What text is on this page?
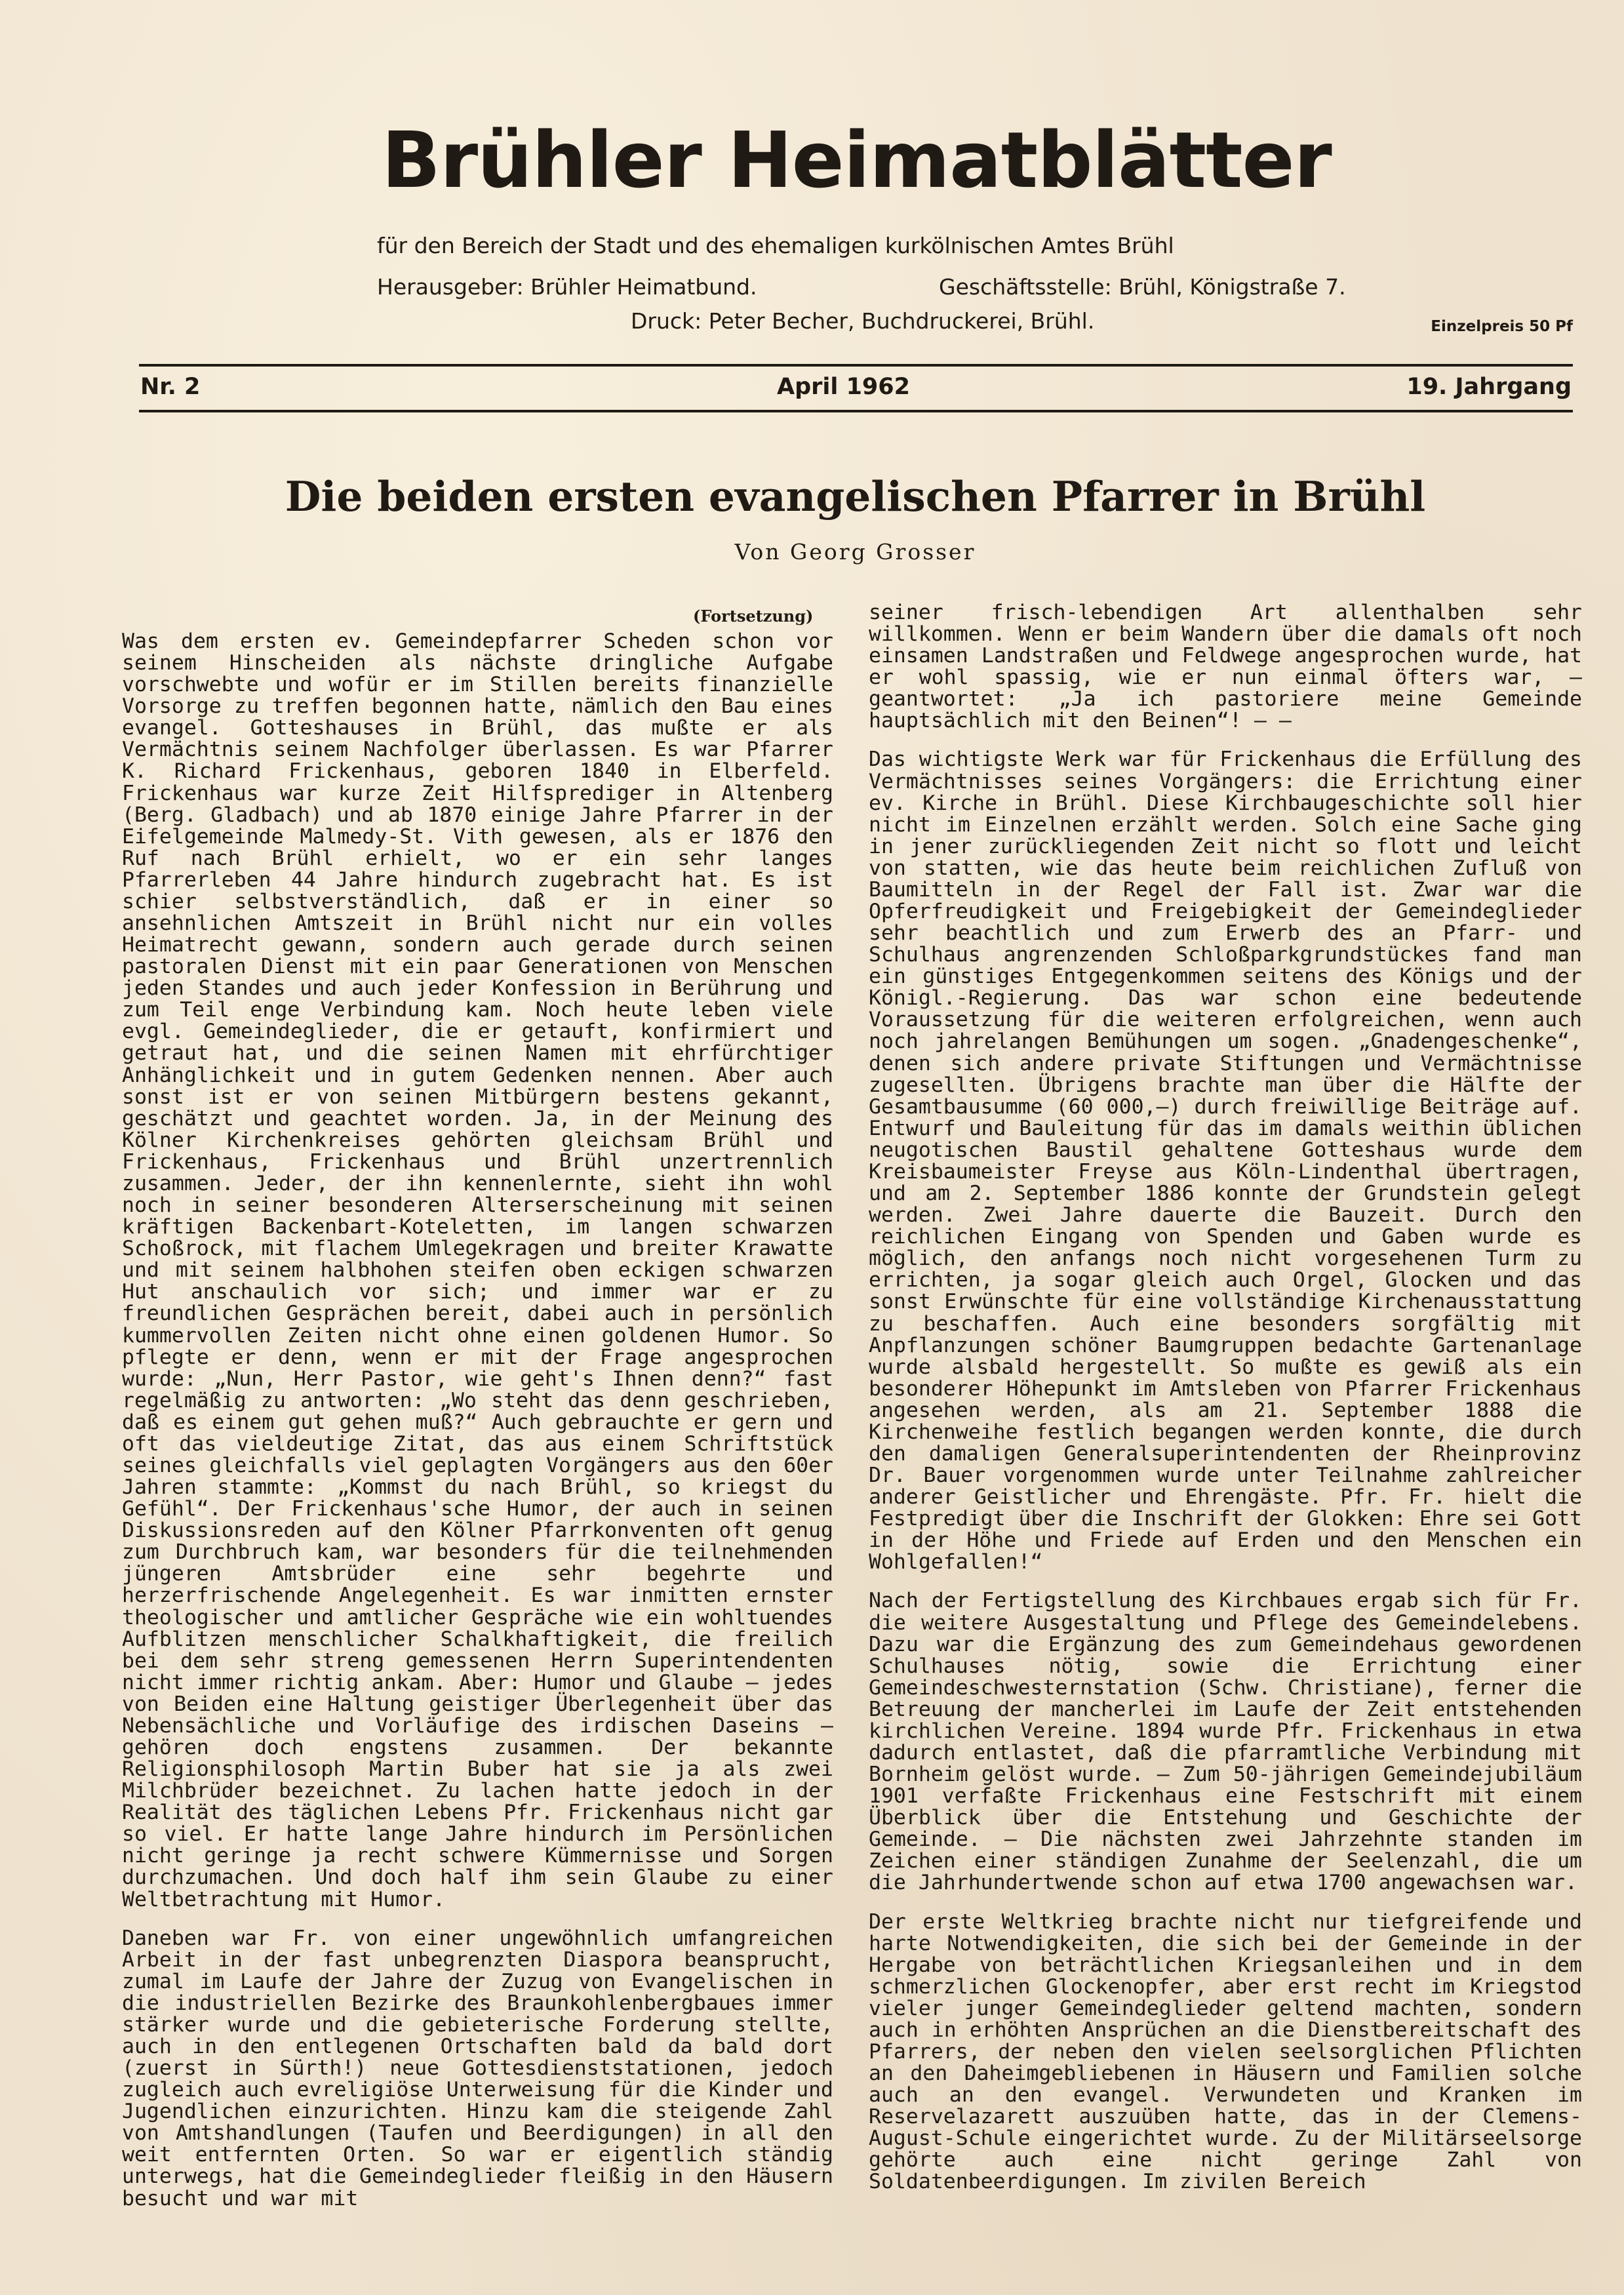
Brühler Heimatblätter
für den Bereich der Stadt und des ehemaligen kurkölnischen Amtes Brühl
Herausgeber: Brühler Heimatbund.	Geschäftsstelle: Brühl, Königstraße 7.
Druck: Peter Becher, Buchdruckerei, Brühl.	Einzelpreis 50 Pf
Nr. 2	April 1962	19. Jahrgang
Die beiden ersten evangelischen Pfarrer in Brühl
Von Georg Grosser
(Fortsetzung)

Was dem ersten ev. Gemeindepfarrer Scheden schon vor seinem Hinscheiden als nächste dringliche Aufgabe vorschwebte und wofür er im Stillen bereits finanzielle Vorsorge zu treffen begonnen hatte, nämlich den Bau eines evangel. Gotteshauses in Brühl, das mußte er als Vermächtnis seinem Nachfolger überlassen. Es war Pfarrer K. Richard Frickenhaus, geboren 1840 in Elberfeld. Frickenhaus war kurze Zeit Hilfsprediger in Altenberg (Berg. Gladbach) und ab 1870 einige Jahre Pfarrer in der Eifelgemeinde Malmedy-St. Vith gewesen, als er 1876 den Ruf nach Brühl erhielt, wo er ein sehr langes Pfarrerleben 44 Jahre hindurch zugebracht hat. Es ist schier selbstverständlich, daß er in einer so ansehnlichen Amtszeit in Brühl nicht nur ein volles Heimatrecht gewann, sondern auch gerade durch seinen pastoralen Dienst mit ein paar Generationen von Menschen jeden Standes und auch jeder Konfession in Berührung und zum Teil enge Verbindung kam. Noch heute leben viele evgl. Gemeindeglieder, die er getauft, konfirmiert und getraut hat, und die seinen Namen mit ehrfürchtiger Anhänglichkeit und in gutem Gedenken nennen. Aber auch sonst ist er von seinen Mitbürgern bestens gekannt, geschätzt und geachtet worden. Ja, in der Meinung des Kölner Kirchenkreises gehörten gleichsam Brühl und Frickenhaus, Frickenhaus und Brühl unzertrennlich zusammen. Jeder, der ihn kennenlernte, sieht ihn wohl noch in seiner besonderen Alterserscheinung mit seinen kräftigen Backenbart-Koteletten, im langen schwarzen Schoßrock, mit flachem Umlegekragen und breiter Krawatte und mit seinem halbhohen steifen oben eckigen schwarzen Hut anschaulich vor sich; und immer war er zu freundlichen Gesprächen bereit, dabei auch in persönlich kummervollen Zeiten nicht ohne einen goldenen Humor. So pflegte er denn, wenn er mit der Frage angesprochen wurde: „Nun, Herr Pastor, wie geht's Ihnen denn?“ fast regelmäßig zu antworten: „Wo steht das denn geschrieben, daß es einem gut gehen muß?“ Auch gebrauchte er gern und oft das vieldeutige Zitat, das aus einem Schriftstück seines gleichfalls viel geplagten Vorgängers aus den 60er Jahren stammte: „Kommst du nach Brühl, so kriegst du Gefühl“. Der Frickenhaus'sche Humor, der auch in seinen Diskussionsreden auf den Kölner Pfarrkonventen oft genug zum Durchbruch kam, war besonders für die teilnehmenden jüngeren Amtsbrüder eine sehr begehrte und herzerfrischende Angelegenheit. Es war inmitten ernster theologischer und amtlicher Gespräche wie ein wohltuendes Aufblitzen menschlicher Schalkhaftigkeit, die freilich bei dem sehr streng gemessenen Herrn Superintendenten nicht immer richtig ankam. Aber: Humor und Glaube — jedes von Beiden eine Haltung geistiger Überlegenheit über das Nebensächliche und Vorläufige des irdischen Daseins — gehören doch engstens zusammen. Der bekannte Religionsphilosoph Martin Buber hat sie ja als zwei Milchbrüder bezeichnet. Zu lachen hatte jedoch in der Realität des täglichen Lebens Pfr. Frickenhaus nicht gar so viel. Er hatte lange Jahre hindurch im Persönlichen nicht geringe ja recht schwere Kümmernisse und Sorgen durchzumachen. Und doch half ihm sein Glaube zu einer Weltbetrachtung mit Humor.

Daneben war Fr. von einer ungewöhnlich umfangreichen Arbeit in der fast unbegrenzten Diaspora beansprucht, zumal im Laufe der Jahre der Zuzug von Evangelischen in die industriellen Bezirke des Braunkohlenbergbaues immer stärker wurde und die gebieterische Forderung stellte, auch in den entlegenen Ortschaften bald da bald dort (zuerst in Sürth!) neue Gottesdienststationen, jedoch zugleich auch evreligiöse Unterweisung für die Kinder und Jugendlichen einzurichten. Hinzu kam die steigende Zahl von Amtshandlungen (Taufen und Beerdigungen) in all den weit entfernten Orten. So war er eigentlich ständig unterwegs, hat die Gemeindeglieder fleißig in den Häusern besucht und war mit

seiner frisch-lebendigen Art allenthalben sehr willkommen. Wenn er beim Wandern über die damals oft noch einsamen Landstraßen und Feldwege angesprochen wurde, hat er wohl spassig, wie er nun einmal öfters war, — geantwortet: „Ja ich pastoriere meine Gemeinde hauptsächlich mit den Beinen“! — —

Das wichtigste Werk war für Frickenhaus die Erfüllung des Vermächtnisses seines Vorgängers: die Errichtung einer ev. Kirche in Brühl. Diese Kirchbaugeschichte soll hier nicht im Einzelnen erzählt werden. Solch eine Sache ging in jener zurückliegenden Zeit nicht so flott und leicht von statten, wie das heute beim reichlichen Zufluß von Baumitteln in der Regel der Fall ist. Zwar war die Opferfreudigkeit und Freigebigkeit der Gemeindeglieder sehr beachtlich und zum Erwerb des an Pfarr- und Schulhaus angrenzenden Schloßparkgrundstückes fand man ein günstiges Entgegenkommen seitens des Königs und der Königl.-Regierung. Das war schon eine bedeutende Voraussetzung für die weiteren erfolgreichen, wenn auch noch jahrelangen Bemühungen um sogen. „Gnadengeschenke“, denen sich andere private Stiftungen und Vermächtnisse zugesellten. Übrigens brachte man über die Hälfte der Gesamtbausumme (60 000,—) durch freiwillige Beiträge auf. Entwurf und Bauleitung für das im damals weithin üblichen neugotischen Baustil gehaltene Gotteshaus wurde dem Kreisbaumeister Freyse aus Köln-Lindenthal übertragen, und am 2. September 1886 konnte der Grundstein gelegt werden. Zwei Jahre dauerte die Bauzeit. Durch den reichlichen Eingang von Spenden und Gaben wurde es möglich, den anfangs noch nicht vorgesehenen Turm zu errichten, ja sogar gleich auch Orgel, Glocken und das sonst Erwünschte für eine vollständige Kirchenausstattung zu beschaffen. Auch eine besonders sorgfältig mit Anpflanzungen schöner Baumgruppen bedachte Gartenanlage wurde alsbald hergestellt. So mußte es gewiß als ein besonderer Höhepunkt im Amtsleben von Pfarrer Frickenhaus angesehen werden, als am 21. September 1888 die Kirchenweihe festlich begangen werden konnte, die durch den damaligen Generalsuperintendenten der Rheinprovinz Dr. Bauer vorgenommen wurde unter Teilnahme zahlreicher anderer Geistlicher und Ehrengäste. Pfr. Fr. hielt die Festpredigt über die Inschrift der Glokken: Ehre sei Gott in der Höhe und Friede auf Erden und den Menschen ein Wohlgefallen!“

Nach der Fertigstellung des Kirchbaues ergab sich für Fr. die weitere Ausgestaltung und Pflege des Gemeindelebens. Dazu war die Ergänzung des zum Gemeindehaus gewordenen Schulhauses nötig, sowie die Errichtung einer Gemeindeschwesternstation (Schw. Christiane), ferner die Betreuung der mancherlei im Laufe der Zeit entstehenden kirchlichen Vereine. 1894 wurde Pfr. Frickenhaus in etwa dadurch entlastet, daß die pfarramtliche Verbindung mit Bornheim gelöst wurde. — Zum 50-jährigen Gemeindejubiläum 1901 verfaßte Frickenhaus eine Festschrift mit einem Überblick über die Entstehung und Geschichte der Gemeinde. — Die nächsten zwei Jahrzehnte standen im Zeichen einer ständigen Zunahme der Seelenzahl, die um die Jahrhundertwende schon auf etwa 1700 angewachsen war.

Der erste Weltkrieg brachte nicht nur tiefgreifende und harte Notwendigkeiten, die sich bei der Gemeinde in der Hergabe von beträchtlichen Kriegsanleihen und in dem schmerzlichen Glockenopfer, aber erst recht im Kriegstod vieler junger Gemeindeglieder geltend machten, sondern auch in erhöhten Ansprüchen an die Dienstbereitschaft des Pfarrers, der neben den vielen seelsorglichen Pflichten an den Daheimgebliebenen in Häusern und Familien solche auch an den evangel. Verwundeten und Kranken im Reservelazarett auszuüben hatte, das in der Clemens-August-Schule eingerichtet wurde. Zu der Militärseelsorge gehörte auch eine nicht geringe Zahl von Soldatenbeerdigungen. Im zivilen Bereich
